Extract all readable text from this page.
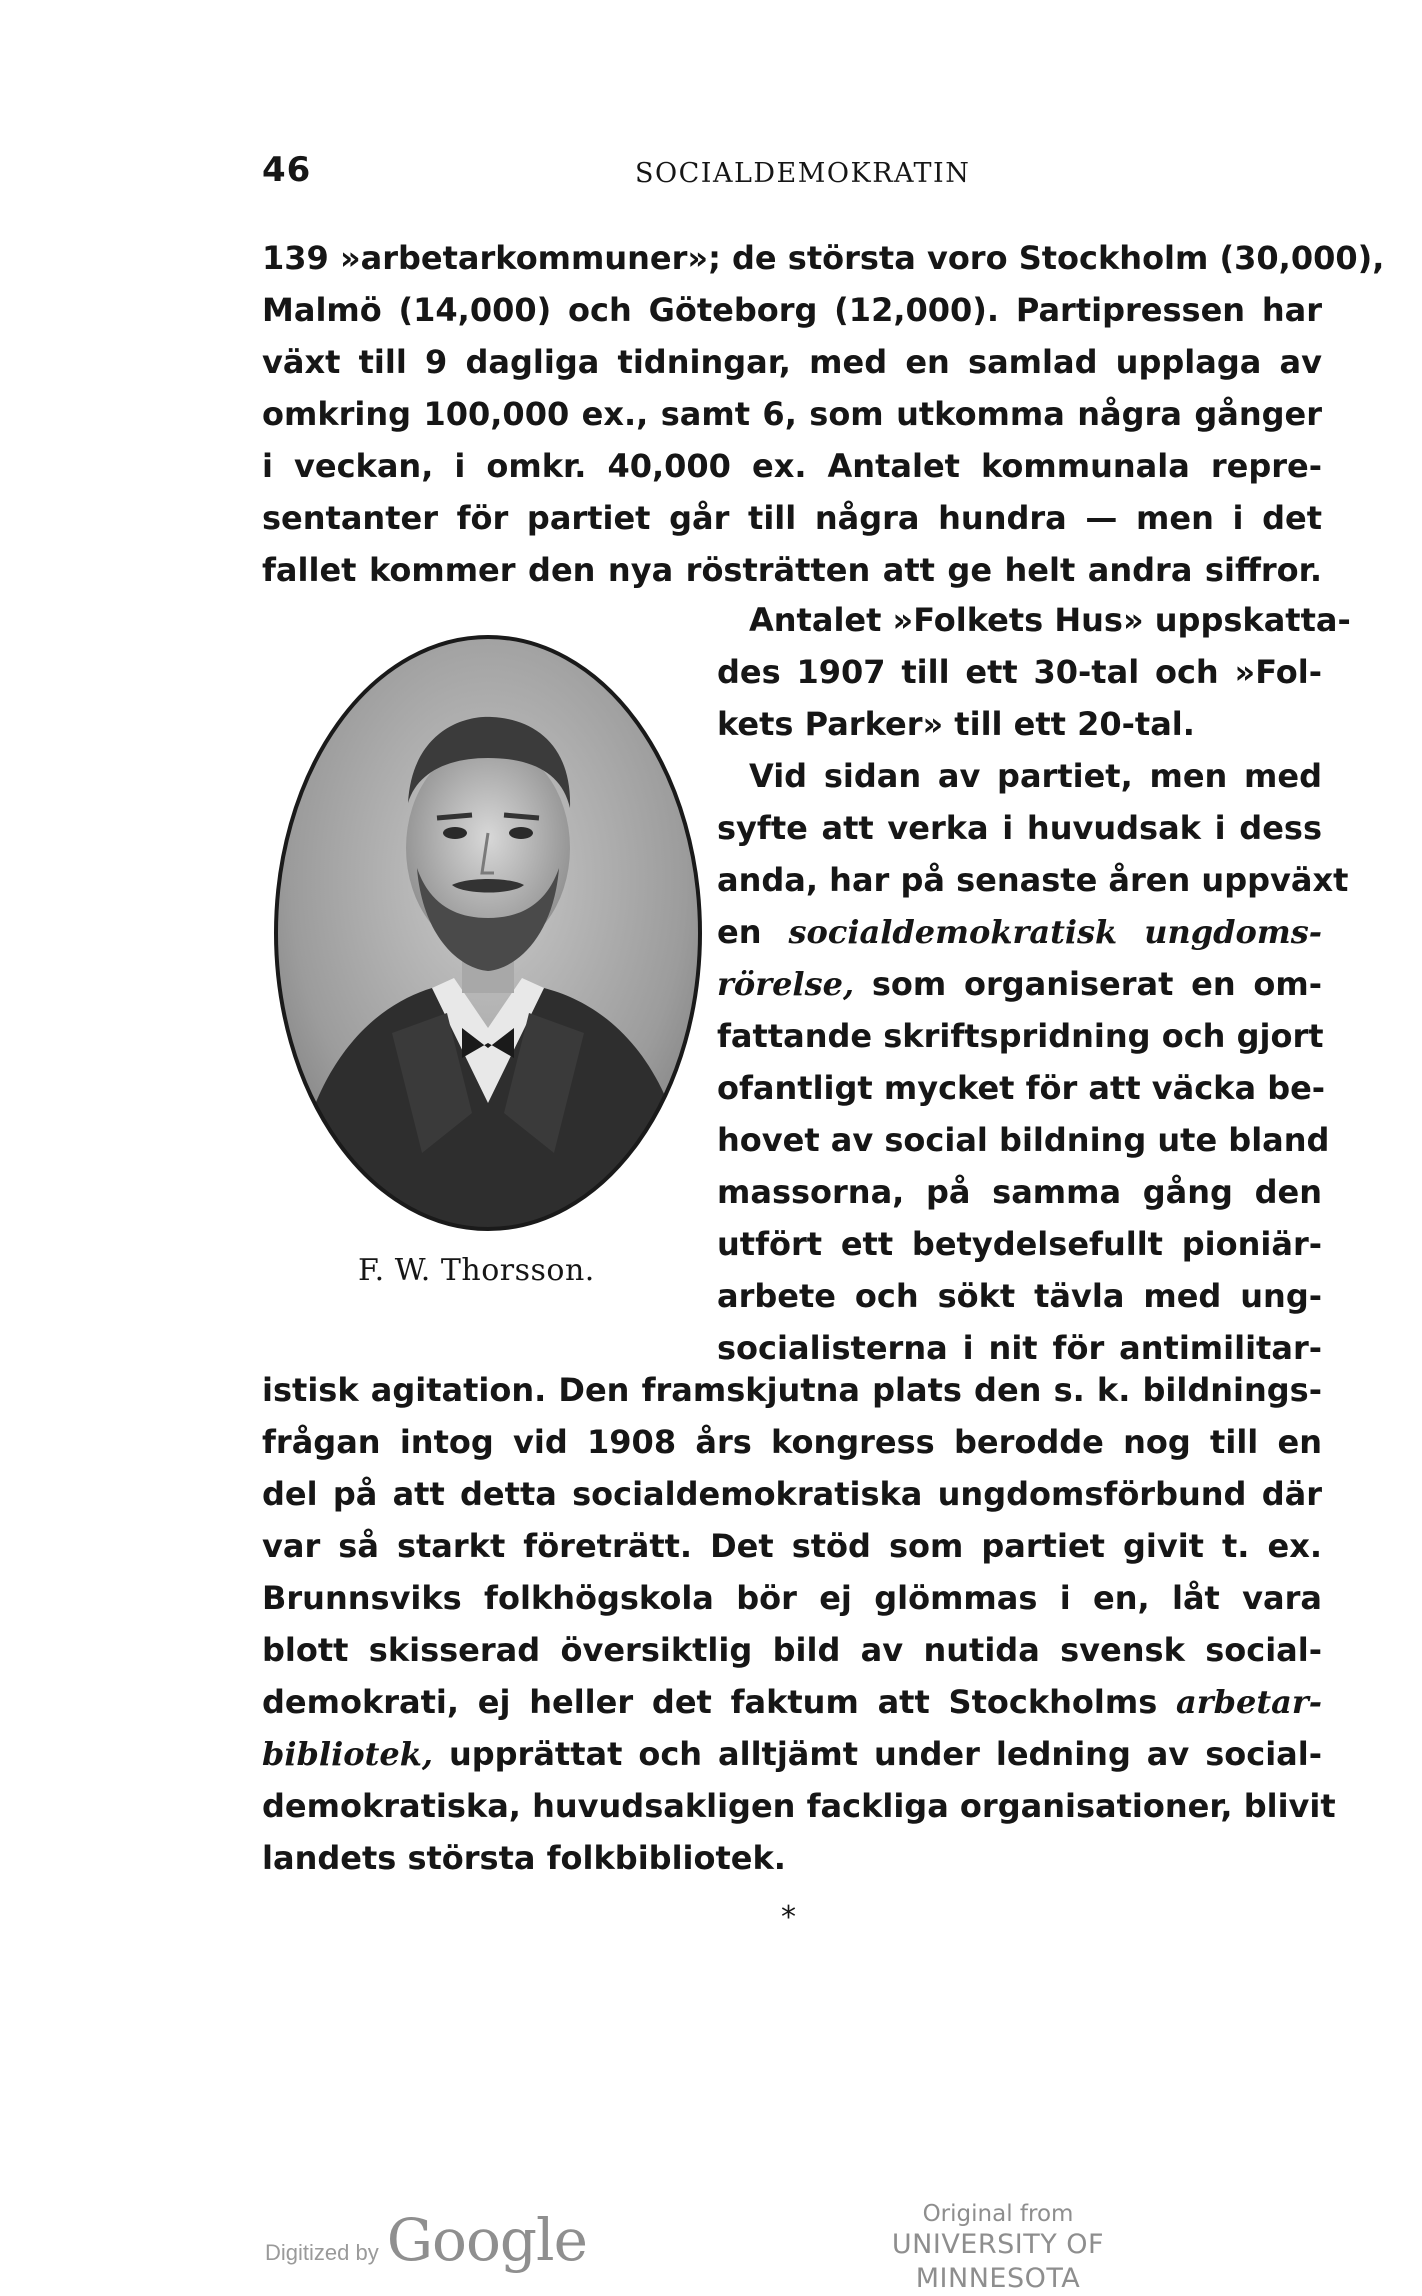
46	SOCIALDEMOKRATIN
139 »arbetarkommuner»; de största voro Stockholm (30,000),
Malmö (14,000) och Göteborg (12,000). Partipressen har
växt till 9 dagliga tidningar, med en samlad upplaga av
omkring 100,000 ex., samt 6, som utkomma några gånger
i veckan, i omkr. 40,000 ex. Antalet kommunala repre-
sentanter för partiet går till några hundra — men i det
fallet kommer den nya rösträtten att ge helt andra siffror.
Antalet »Folkets Hus» uppskatta-
des 1907 till ett 30-tal och »Fol-
kets Parker» till ett 20-tal.
Vid sidan av partiet, men med
syfte att verka i huvudsak i dess
anda, har på senaste åren uppväxt
en socialdemokratisk ungdoms-
rörelse, som organiserat en om-
fattande skriftspridning och gjort
ofantligt mycket för att väcka be-
hovet av social bildning ute bland
massorna, på samma gång den
utfört ett betydelsefullt pioniär-
arbete och sökt tävla med ung-
socialisterna i nit för antimilitar-
F. W. Thorsson.
istisk agitation. Den framskjutna plats den s. k. bildnings-
frågan intog vid 1908 års kongress berodde nog till en
del på att detta socialdemokratiska ungdomsförbund där
var så starkt företrätt. Det stöd som partiet givit t. ex.
Brunnsviks folkhögskola bör ej glömmas i en, låt vara
blott skisserad översiktlig bild av nutida svensk social-
demokrati, ej heller det faktum att Stockholms arbetar-
bibliotek, upprättat och alltjämt under ledning av social-
demokratiska, huvudsakligen fackliga organisationer, blivit
landets största folkbibliotek.
*
Digitized by Google	Original from
UNIVERSITY OF MINNESOTA
